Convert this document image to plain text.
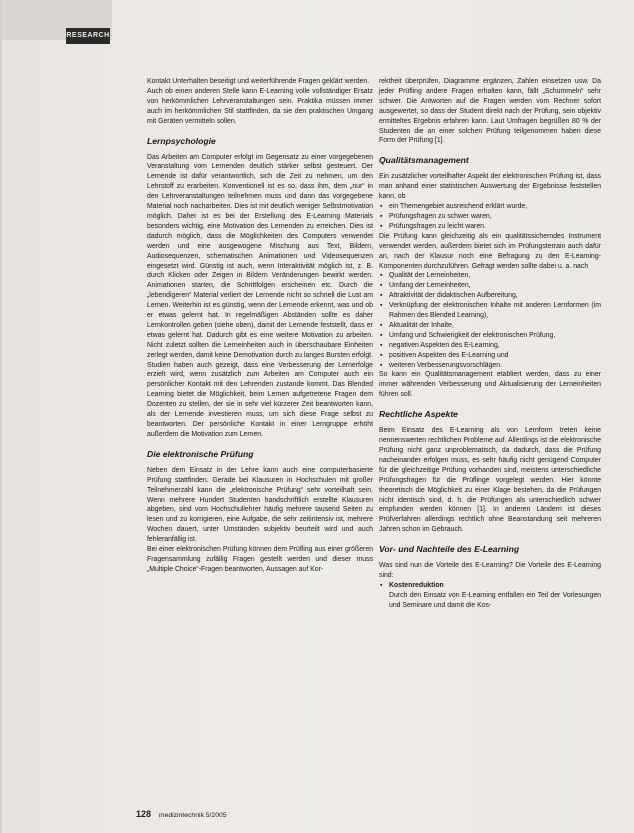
RESEARCH

Kontakt Unterhalten beseitigt und weiterführende Fragen geklärt werden.

Auch ob einen anderen Stelle kann E-Learning volle vollständiger Ersatz von herkömmlichen Lehrveranstaltungen sein. Praktika müssen immer auch im herkömmlichen Stil stattfinden, da sie den praktischen Umgang mit Geräten vermitteln sollen.

Lernpsychologie

Das Arbeiten am Computer erfolgt im Gegensatz zu einer vorgegebenen Veranstaltung vom Lernenden deutlich stärker selbst gesteuert. Der Lernende ist dafür verantwortlich, sich die Zeit zu nehmen, um den Lehrstoff zu erarbeiten. Konventionell ist es so, dass ihm, dem „nur“ in den Lehrveranstaltungen teilnehmen muss und dann das vorgegebene Material noch nacharbeiten. Dies ist mit deutlich weniger Selbstmotivation möglich. Daher ist es bei der Erstellung des E-Learning Materials besonders wichtig, eine Motivation des Lernenden zu erreichen. Dies ist dadurch möglich, dass die Möglichkeiten des Computers verwendet werden und eine ausgewogene Mischung aus Text, Bildern, Audiosequenzen, schematischen Animationen und Videosequenzen eingesetzt wird. Günstig ist auch, wenn Interaktivität möglich ist, z. B. durch Klicken oder Zeigen in Bildern Veränderungen bewirkt werden. Animationen starten, die Schrittfolgen erscheinen etc. Durch die „lebendigeren“ Material verliert der Lernende nicht so schnell die Lust am Lernen. Weiterhin ist es günstig, wenn der Lernende erkennt, was und ob er etwas gelernt hat. In regelmäßigen Abständen sollte es daher Lernkontrollen geben (siehe oben), damit der Lernende feststellt, dass er etwas gelernt hat. Dadurch gibt es eine weitere Motivation zu arbeiten. Nicht zuletzt sollten die Lerneinheiten auch in überschaubare Einheiten zerlegt werden, damit keine Demotivation durch zu langes Bursten erfolgt. Studien haben auch gezeigt, dass eine Verbesserung der Lernerfolge erzielt wird, wenn zusätzlich zum Arbeiten am Computer auch ein persönlicher Kontakt mit den Lehrenden zustande kommt. Das Blended Learning bietet die Möglichkeit, beim Lernen aufgetretene Fragen dem Dozenten zu stellen, der sie in sehr viel kürzerer Zeit beantworten kann, als der Lernende investieren muss, um sich diese Frage selbst zu beantworten. Der persönliche Kontakt in einer Lerngruppe erhöht außerdem die Motivation zum Lernen.

Die elektronische Prüfung

Neben dem Einsatz in der Lehre kann auch eine computerbasierte Prüfung stattfinden. Gerade bei Klausuren in Hochschulen mit großer Teilnehmerzahl kann die „elektronische Prüfung“ sehr vorteilhaft sein. Wenn mehrere Hundert Studenten handschriftlich erstellte Klausuren abgeben, sind vom Hochschullehrer häufig mehrere tausend Seiten zu lesen und zu korrigieren, eine Aufgabe, die sehr zeitintensiv ist, mehrere Wochen dauert, unter Umständen subjektiv beurteilt wird und auch fehleranfällig ist.

Bei einer elektronischen Prüfung können dem Prüfling aus einer größeren Fragensammlung zufällig Fragen gestellt werden und dieser muss „Multiple Choice“-Fragen beantworten, Aussagen auf Kor-

rektheit überprüfen, Diagramme ergänzen, Zahlen einsetzen usw. Da jeder Prüfling andere Fragen erhalten kann, fällt „Schummeln“ sehr schwer. Die Antworten auf die Fragen werden vom Rechner sofort ausgewertet, so dass der Student direkt nach der Prüfung, sein objektiv ermitteltes Ergebnis erfahren kann. Laut Umfragen begrüßen 80 % der Studenten die an einer solchen Prüfung teilgenommen haben diese Form der Prüfung [1].

Qualitätsmanagement

Ein zusätzlicher vorteilhafter Aspekt der elektronischen Prüfung ist, dass man anhand einer statistischen Auswertung der Ergebnisse feststellen kann, ob

▪ ein Themengebiet ausreichend erklärt wurde,
▪ Prüfungsfragen zu schwer waren,
▪ Prüfungsfragen zu leicht waren.

Die Prüfung kann gleichzeitig als ein qualitätssicherndes Instrument verwendet werden, außerdem bietet sich im Prüfungsterrain auch dafür an, nach der Klausur noch eine Befragung zu den E-Learning-Komponenten durchzuführen. Gefragt werden sollte dabei u. a. nach

▪ Qualität der Lerneinheiten,
▪ Umfang der Lerneinheiten,
▪ Attraktivität der didaktischen Aufbereitung,
▪ Verknüpfung der elektronischen Inhalte mit anderen Lernformen (im Rahmen des Blended Learning),
▪ Aktualität der Inhalte,
▪ Umfang und Schwierigkeit der elektronischen Prüfung,
▪ negativen Aspekten des E-Learning,
▪ positiven Aspekten des E-Learning und
▪ weiteren Verbesserungsvorschlägen.

So kann ein Qualitätsmanagement etabliert werden, dass zu einer immer währenden Verbesserung und Aktualisierung der Lerneinheiten führen soll.

Rechtliche Aspekte

Beim Einsatz des E-Learning als von Lernform treten keine nennenswerten rechtlichen Probleme auf. Allerdings ist die elektronische Prüfung nicht ganz unproblematisch, da dadurch, dass die Prüfung nacheinander erfolgen muss, es sehr häufig nicht genügend Computer für die gleichzeitige Prüfung vorhanden sind, meistens unterschiedliche Prüfungsfragen für die Prüflinge vorgelegt werden. Hier könnte theoretisch die Möglichkeit zu einer Klage bestehen, da die Prüfungen nicht identisch sind, d. h. die Prüfungen als unterschiedlich schwer empfunden werden können [1]. In anderen Ländern ist dieses Prüfverfahren allerdings rechtlich ohne Beanstandung seit mehreren Jahren schon im Gebrauch.

Vor- und Nachteile des E-Learning

Was sind nun die Vorteile des E-Learning? Die Vorteile des E-Learning sind:

▪ Kostenreduktion

Durch den Einsatz von E-Learning entfallen ein Teil der Vorlesungen und Seminare und damit die Kos-

128 medizintechnik 5/2005
